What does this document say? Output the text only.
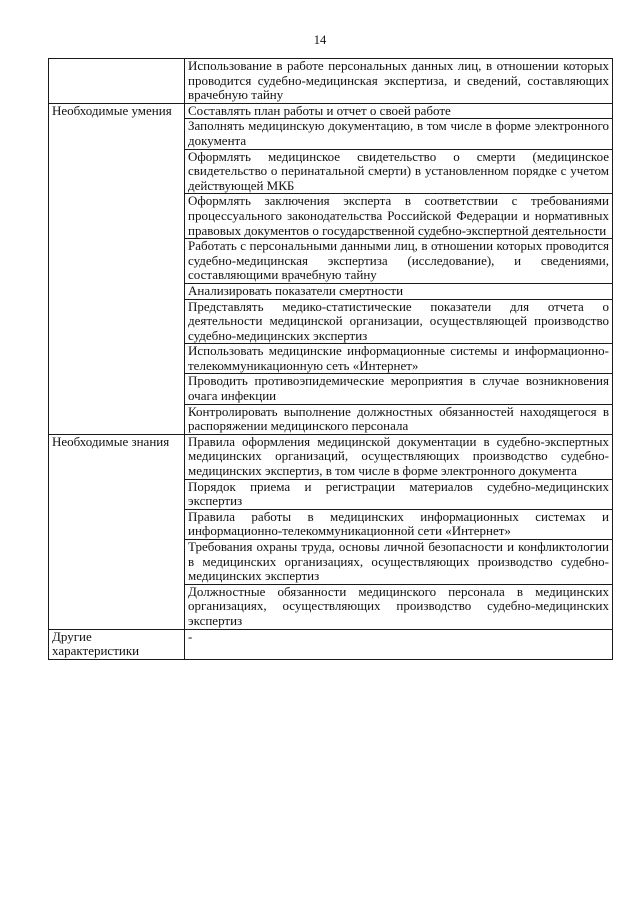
14
	Использование в работе персональных данных лиц, в отношении которых проводится судебно-медицинская экспертиза, и сведений, составляющих врачебную тайну
Необходимые умения	Составлять план работы и отчет о своей работе
	Заполнять медицинскую документацию, в том числе в форме электронного документа
	Оформлять медицинское свидетельство о смерти (медицинское свидетельство о перинатальной смерти) в установленном порядке с учетом действующей МКБ
	Оформлять заключения эксперта в соответствии с требованиями процессуального законодательства Российской Федерации и нормативных правовых документов о государственной судебно-экспертной деятельности
	Работать с персональными данными лиц, в отношении которых проводится судебно-медицинская экспертиза (исследование), и сведениями, составляющими врачебную тайну
	Анализировать показатели смертности
	Представлять медико-статистические показатели для отчета о деятельности медицинской организации, осуществляющей производство судебно-медицинских экспертиз
	Использовать медицинские информационные системы и информационно-телекоммуникационную сеть «Интернет»
	Проводить противоэпидемические мероприятия в случае возникновения очага инфекции
	Контролировать выполнение должностных обязанностей находящегося в распоряжении медицинского персонала
Необходимые знания	Правила оформления медицинской документации в судебно-экспертных медицинских организаций, осуществляющих производство судебно-медицинских экспертиз, в том числе в форме электронного документа
	Порядок приема и регистрации материалов судебно-медицинских экспертиз
	Правила работы в медицинских информационных системах и информационно-телекоммуникационной сети «Интернет»
	Требования охраны труда, основы личной безопасности и конфликтологии в медицинских организациях, осуществляющих производство судебно-медицинских экспертиз
	Должностные обязанности медицинского персонала в медицинских организациях, осуществляющих производство судебно-медицинских экспертиз
Другие характеристики	-
